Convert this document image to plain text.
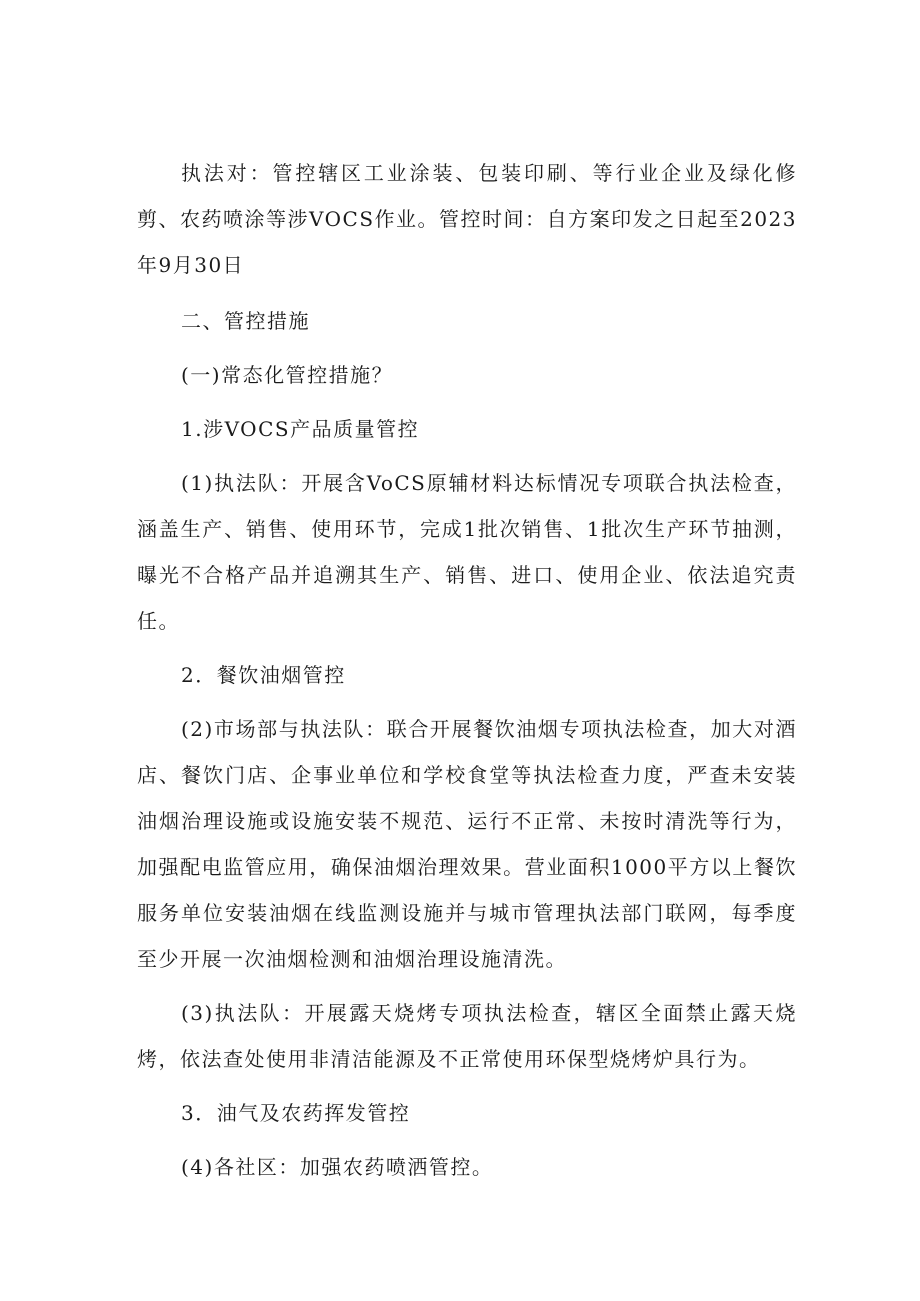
执法对：管控辖区工业涂装、包装印刷、等行业企业及绿化修剪、农药喷涂等涉VOCS作业。管控时间：自方案印发之日起至2023年9月30日

二、管控措施

(一)常态化管控措施？

1.涉VOCS产品质量管控

(1)执法队：开展含VoCS原辅材料达标情况专项联合执法检查，涵盖生产、销售、使用环节，完成1批次销售、1批次生产环节抽测，曝光不合格产品并追溯其生产、销售、进口、使用企业、依法追究责任。

2．餐饮油烟管控

(2)市场部与执法队：联合开展餐饮油烟专项执法检查，加大对酒店、餐饮门店、企事业单位和学校食堂等执法检查力度，严查未安装油烟治理设施或设施安装不规范、运行不正常、未按时清洗等行为，加强配电监管应用，确保油烟治理效果。营业面积1000平方以上餐饮服务单位安装油烟在线监测设施并与城市管理执法部门联网，每季度至少开展一次油烟检测和油烟治理设施清洗。

(3)执法队：开展露天烧烤专项执法检查，辖区全面禁止露天烧烤，依法查处使用非清洁能源及不正常使用环保型烧烤炉具行为。

3．油气及农药挥发管控

(4)各社区：加强农药喷洒管控。
